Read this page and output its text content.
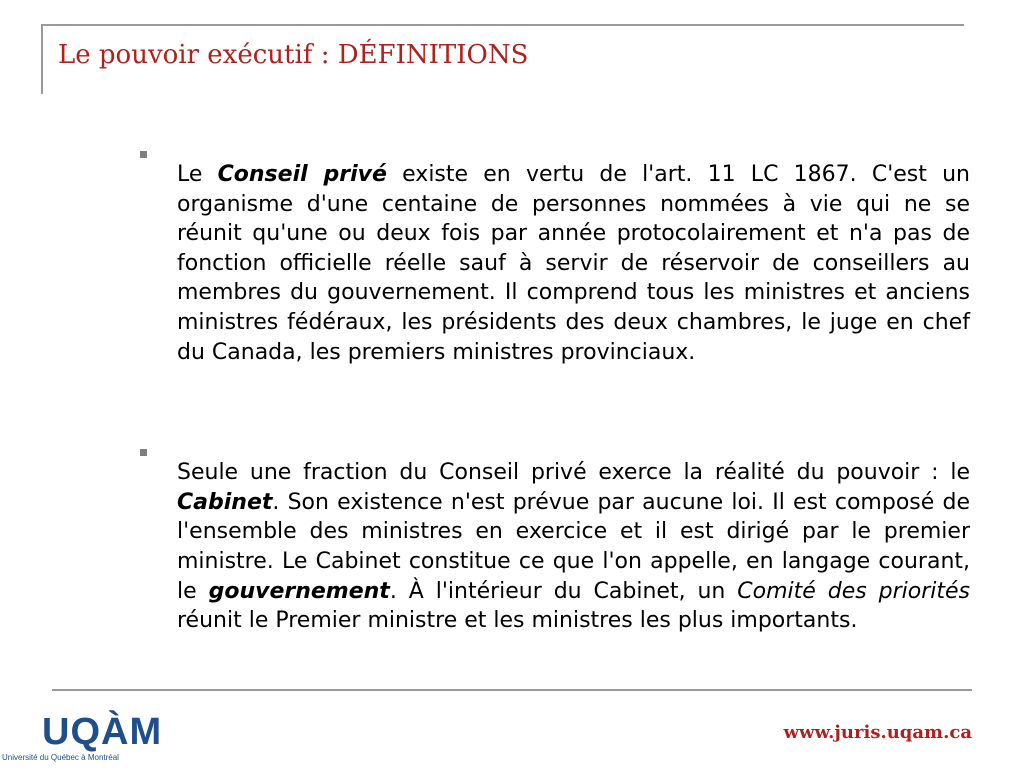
Le pouvoir exécutif : DÉFINITIONS

Le Conseil privé existe en vertu de l'art. 11 LC 1867. C'est un organisme d'une centaine de personnes nommées à vie qui ne se réunit qu'une ou deux fois par année protocolairement et n'a pas de fonction officielle réelle sauf à servir de réservoir de conseillers au membres du gouvernement. Il comprend tous les ministres et anciens ministres fédéraux, les présidents des deux chambres, le juge en chef du Canada, les premiers ministres provinciaux.

Seule une fraction du Conseil privé exerce la réalité du pouvoir : le Cabinet. Son existence n'est prévue par aucune loi. Il est composé de l'ensemble des ministres en exercice et il est dirigé par le premier ministre. Le Cabinet constitue ce que l'on appelle, en langage courant, le gouvernement. À l'intérieur du Cabinet, un Comité des priorités réunit le Premier ministre et les ministres les plus importants.

UQÀM

Université du Québec à Montréal

www.juris.uqam.ca
